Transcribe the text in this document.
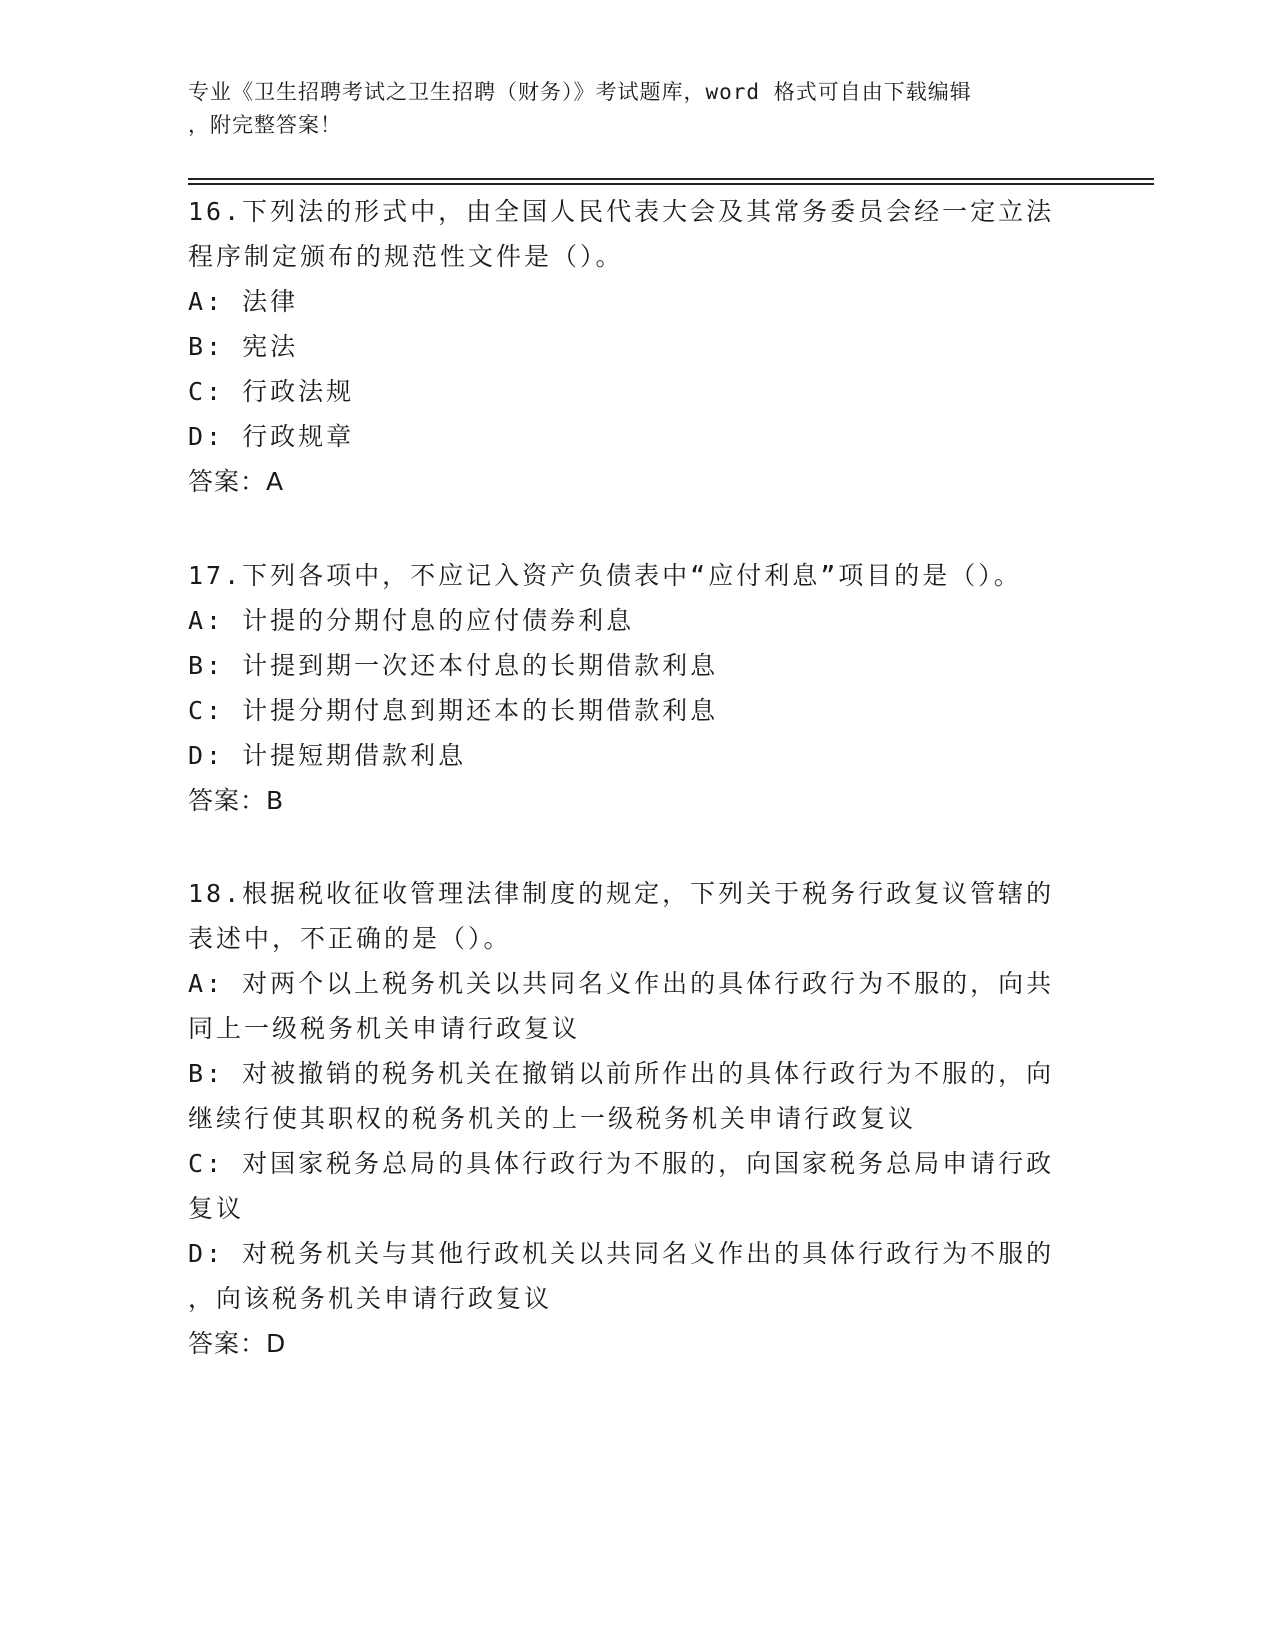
专业《卫生招聘考试之卫生招聘（财务）》考试题库，word 格式可自由下载编辑
，附完整答案！
16.下列法的形式中，由全国人民代表大会及其常务委员会经一定立法
程序制定颁布的规范性文件是（）。
A: 法律
B: 宪法
C: 行政法规
D: 行政规章
答案：A
17.下列各项中，不应记入资产负债表中“应付利息”项目的是（）。
A: 计提的分期付息的应付债券利息
B: 计提到期一次还本付息的长期借款利息
C: 计提分期付息到期还本的长期借款利息
D: 计提短期借款利息
答案：B
18.根据税收征收管理法律制度的规定，下列关于税务行政复议管辖的
表述中，不正确的是（）。
A: 对两个以上税务机关以共同名义作出的具体行政行为不服的，向共
同上一级税务机关申请行政复议
B: 对被撤销的税务机关在撤销以前所作出的具体行政行为不服的，向
继续行使其职权的税务机关的上一级税务机关申请行政复议
C: 对国家税务总局的具体行政行为不服的，向国家税务总局申请行政
复议
D: 对税务机关与其他行政机关以共同名义作出的具体行政行为不服的
，向该税务机关申请行政复议
答案：D
